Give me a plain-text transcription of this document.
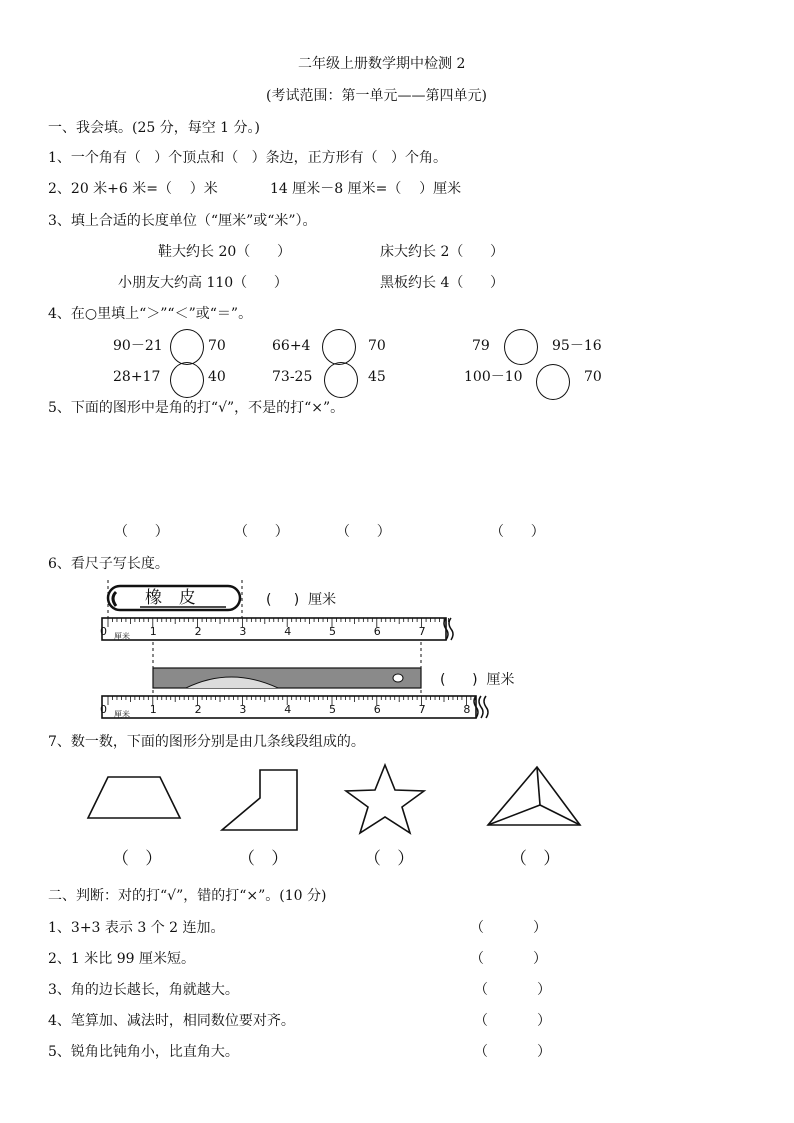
二年级上册数学期中检测 2
(考试范围：第一单元——第四单元)
一、我会填。(25 分，每空 1 分。)
1、一个角有（   ）个顶点和（   ）条边，正方形有（   ）个角。
2、20 米+6 米=（    ）米	14 厘米－8 厘米=（    ）厘米
3、填上合适的长度单位（“厘米”或“米”）。
鞋大约长 20（      ）	床大约长 2（      ）
小朋友大约高 110（      ）	黑板约长 4（      ）
4、在○里填上“＞”“＜”或“＝”。
90－21	70	66+4	70	79	95－16
28+17	40	73-25	45	100－10	70
5、下面的图形中是角的打“√”，不是的打“×”。
（      ）	（      ）	（      ）	（      ）
6、看尺子写长度。
橡  皮	(     )  厘米
(      )  厘米
0	1	2	3	4	5	6	7
0	1	2	3	4	5	6	7	8
厘米
厘米
7、数一数，下面的图形分别是由几条线段组成的。
（   ）	（   ）	（   ）	（   ）
二、判断：对的打“√”，错的打“×”。(10 分)
1、3+3 表示 3 个 2 连加。	（           ）
2、1 米比 99 厘米短。	（           ）
3、角的边长越长，角就越大。	（           ）
4、笔算加、减法时，相同数位要对齐。	（           ）
5、锐角比钝角小，比直角大。	（           ）
